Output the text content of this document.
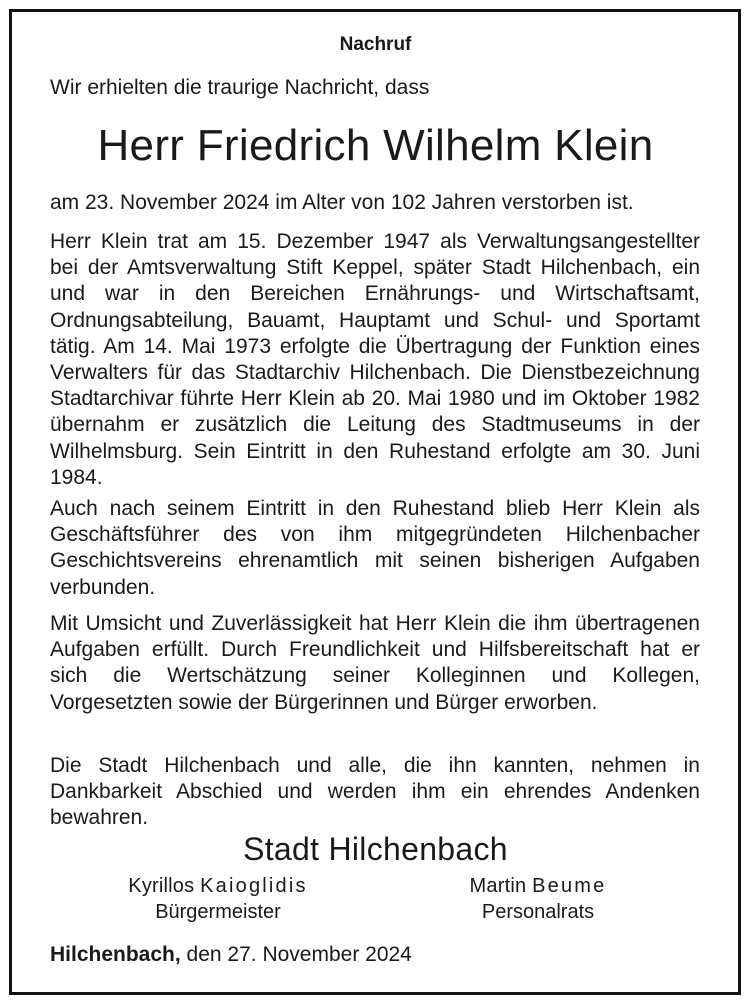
Nachruf

Wir erhielten die traurige Nachricht, dass

Herr Friedrich Wilhelm Klein

am 23. November 2024 im Alter von 102 Jahren verstorben ist.

Herr Klein trat am 15. Dezember 1947 als Verwaltungsangestellter bei der Amtsverwaltung Stift Keppel, später Stadt Hilchenbach, ein und war in den Bereichen Ernährungs- und Wirtschaftsamt, Ordnungsabteilung, Bauamt, Hauptamt und Schul- und Sportamt tätig. Am 14. Mai 1973 erfolgte die Übertragung der Funktion eines Verwalters für das Stadtarchiv Hilchenbach. Die Dienstbezeichnung Stadtarchivar führte Herr Klein ab 20. Mai 1980 und im Oktober 1982 übernahm er zusätzlich die Leitung des Stadtmuseums in der Wilhelmsburg. Sein Eintritt in den Ruhestand erfolgte am 30. Juni 1984.

Auch nach seinem Eintritt in den Ruhestand blieb Herr Klein als Geschäftsführer des von ihm mitgegründeten Hilchenbacher Geschichtsvereins ehrenamtlich mit seinen bisherigen Aufgaben verbunden.

Mit Umsicht und Zuverlässigkeit hat Herr Klein die ihm übertragenen Aufgaben erfüllt. Durch Freundlichkeit und Hilfsbereitschaft hat er sich die Wertschätzung seiner Kolleginnen und Kollegen, Vorgesetzten sowie der Bürgerinnen und Bürger erworben.

Die Stadt Hilchenbach und alle, die ihn kannten, nehmen in Dankbarkeit Abschied und werden ihm ein ehrendes Andenken bewahren.

Stadt Hilchenbach

Kyrillos Kaioglidis

Bürgermeister

Martin Beume

Personalrats

Hilchenbach, den 27. November 2024
